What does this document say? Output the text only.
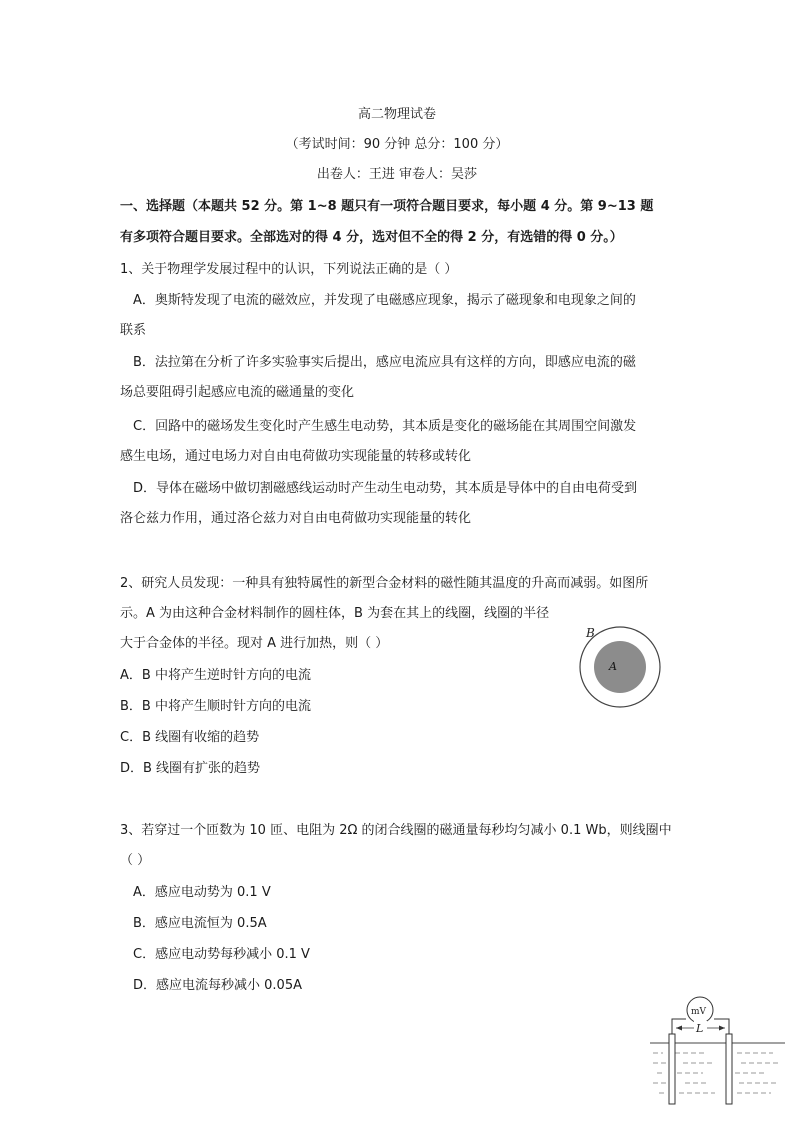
高二物理试卷
（考试时间：90 分钟 总分：100 分）
出卷人：王进 审卷人：吴莎
一、选择题（本题共 52 分。第 1~8 题只有一项符合题目要求，每小题 4 分。第 9~13 题
有多项符合题目要求。全部选对的得 4 分，选对但不全的得 2 分，有选错的得 0 分。）
1、关于物理学发展过程中的认识，下列说法正确的是（ ）
A．奥斯特发现了电流的磁效应，并发现了电磁感应现象，揭示了磁现象和电现象之间的
联系
B．法拉第在分析了许多实验事实后提出，感应电流应具有这样的方向，即感应电流的磁
场总要阻碍引起感应电流的磁通量的变化
C．回路中的磁场发生变化时产生感生电动势，其本质是变化的磁场能在其周围空间激发
感生电场，通过电场力对自由电荷做功实现能量的转移或转化
D．导体在磁场中做切割磁感线运动时产生动生电动势，其本质是导体中的自由电荷受到
洛仑兹力作用，通过洛仑兹力对自由电荷做功实现能量的转化
2、研究人员发现：一种具有独特属性的新型合金材料的磁性随其温度的升高而减弱。如图所
示。A 为由这种合金材料制作的圆柱体，B 为套在其上的线圈，线圈的半径
大于合金体的半径。现对 A 进行加热，则（ ）
A．B 中将产生逆时针方向的电流
B．B 中将产生顺时针方向的电流
C．B 线圈有收缩的趋势
D．B 线圈有扩张的趋势
B
A
3、若穿过一个匝数为 10 匝、电阻为 2Ω 的闭合线圈的磁通量每秒均匀减小 0.1 Wb，则线圈中
（ ）
A．感应电动势为 0.1 V
B．感应电流恒为 0.5A
C．感应电动势每秒减小 0.1 V
D．感应电流每秒减小 0.05A
mV
L
